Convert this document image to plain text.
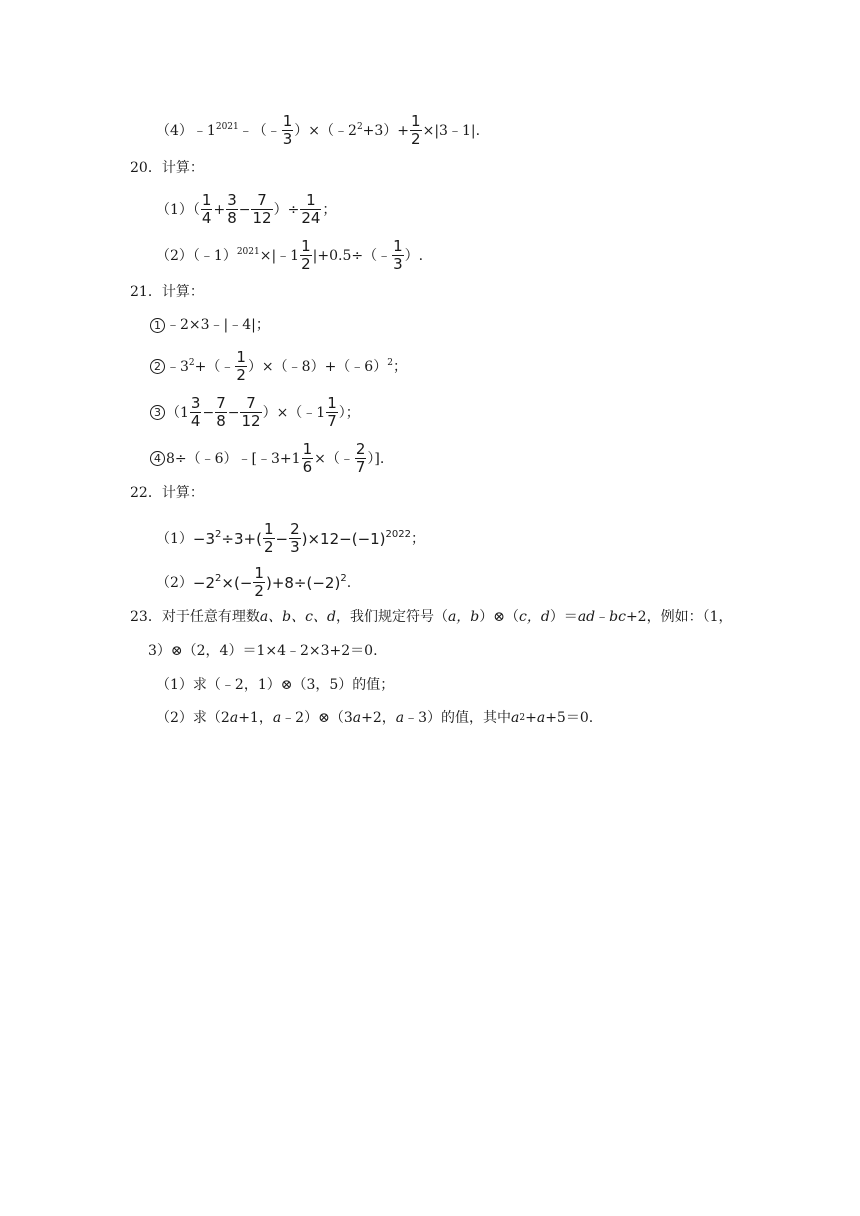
（4） $﹣1^{2021}$ ﹣（﹣ $\frac{1}{3}$ ）$\times(﹣2^2 +3)+ \frac{1}{2}$ ×|3﹣1|.
20．计算：
$(1)( \frac{1}{4} + \frac{3}{8} - \frac{7}{12}$ ）÷ $\frac{1}{24}$ ；
（2）（﹣1）$^{2021}$ ×|﹣1 $\frac{1}{2}$ |+0.5÷（﹣ $\frac{1}{3}$ ）.
21．计算：
1 ﹣2×3﹣|﹣4|；
2 $﹣3^2$ +（﹣ $\frac{1}{2}$ ）×（﹣8）+（﹣6）$^2$ ；
3 （$1 \frac{3}{4} - \frac{7}{8} - \frac{7}{12}$ ）×（﹣1 $\frac{1}{7}$ ）；
4 8÷（﹣6）﹣[﹣3+1 $\frac{1}{6}$ ×（﹣ $\frac{2}{7}$ ）].
22．计算：
$(1) -3^2 \div 3+( \frac{1}{2} - \frac{2}{3} )\times 12-(-1)^{2022}$ ；
$(2) -2^2$ ×(− $\frac{1}{2} )+8\div(-2)^2$ .
23．对于任意有理数 a、b、c、d ，我们规定符号（ a，b ）⊗（ c，d ）＝ ad ﹣ bc +2，例如：（1，
3）⊗（2，4）＝1×4﹣2×3+2＝0.
（1）求（﹣2，1）⊗（3，5）的值；
（2）求（2 a +1， a ﹣2）⊗（3 a +2， a ﹣3）的值，其中 a 2 + a +5＝0.
